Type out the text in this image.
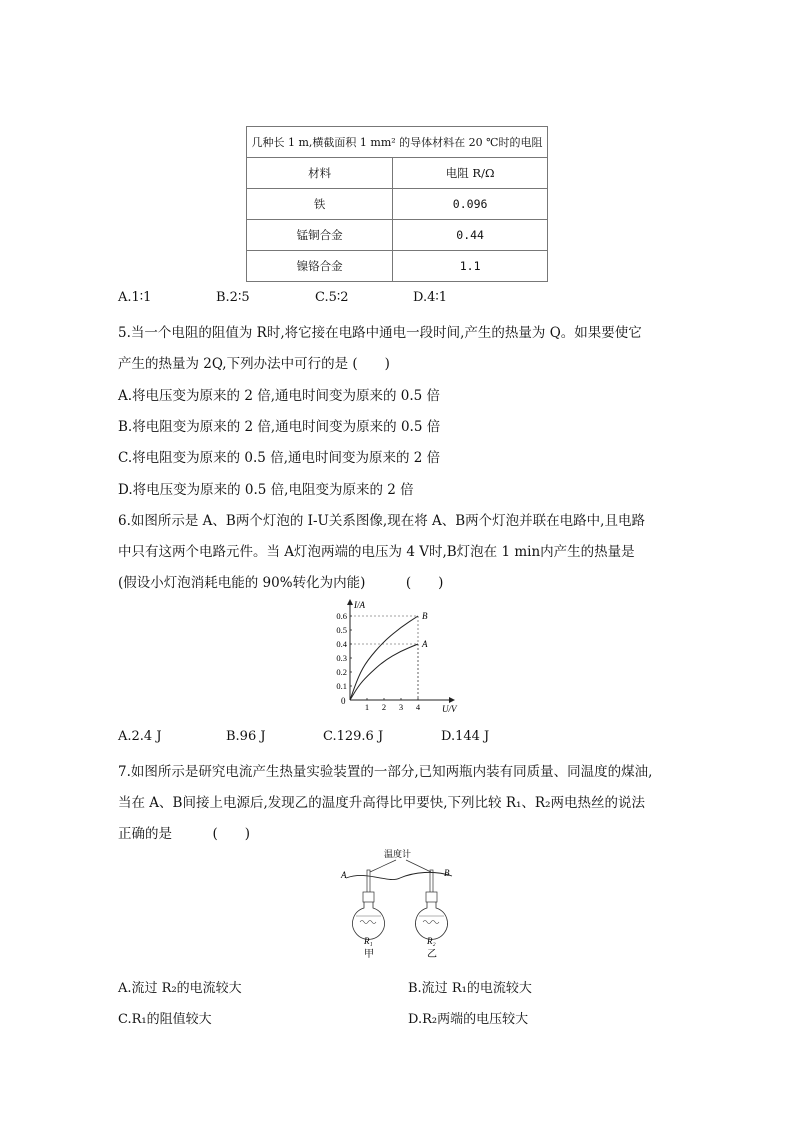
几种长 1 m,横截面积 1 mm² 的导体材料在 20 ℃时的电阻	
材料	电阻 R/Ω
铁	0.096
锰铜合金	0.44
镍铬合金	1.1
A.1∶1	B.2∶5	C.5∶2	D.4∶1
5.当一个电阻的阻值为 R时,将它接在电路中通电一段时间,产生的热量为 Q。如果要使它
产生的热量为 2Q,下列办法中可行的是 (　　)
A.将电压变为原来的 2 倍,通电时间变为原来的 0.5 倍
B.将电阻变为原来的 2 倍,通电时间变为原来的 0.5 倍
C.将电阻变为原来的 0.5 倍,通电时间变为原来的 2 倍
D.将电压变为原来的 0.5 倍,电阻变为原来的 2 倍
6.如图所示是 A、B两个灯泡的 I-U关系图像,现在将 A、B两个灯泡并联在电路中,且电路
中只有这两个电路元件。当 A灯泡两端的电压为 4 V时,B灯泡在 1 min内产生的热量是
(假设小灯泡消耗电能的 90%转化为内能)　　　(　　)
1 2 3 4
0.1
0.2
0.3
0.4
0.5
0.6	B
A
I/A
U/V
0
A.2.4 J	B.96 J	C.129.6 J	D.144 J
7.如图所示是研究电流产生热量实验装置的一部分,已知两瓶内装有同质量、同温度的煤油,
当在 A、B间接上电源后,发现乙的温度升高得比甲要快,下列比较 R₁、R₂两电热丝的说法
正确的是　　　(　　)
温度计
A	B
R₁	R₂
甲	乙
A.流过 R₂的电流较大	B.流过 R₁的电流较大
C.R₁的阻值较大	D.R₂两端的电压较大
